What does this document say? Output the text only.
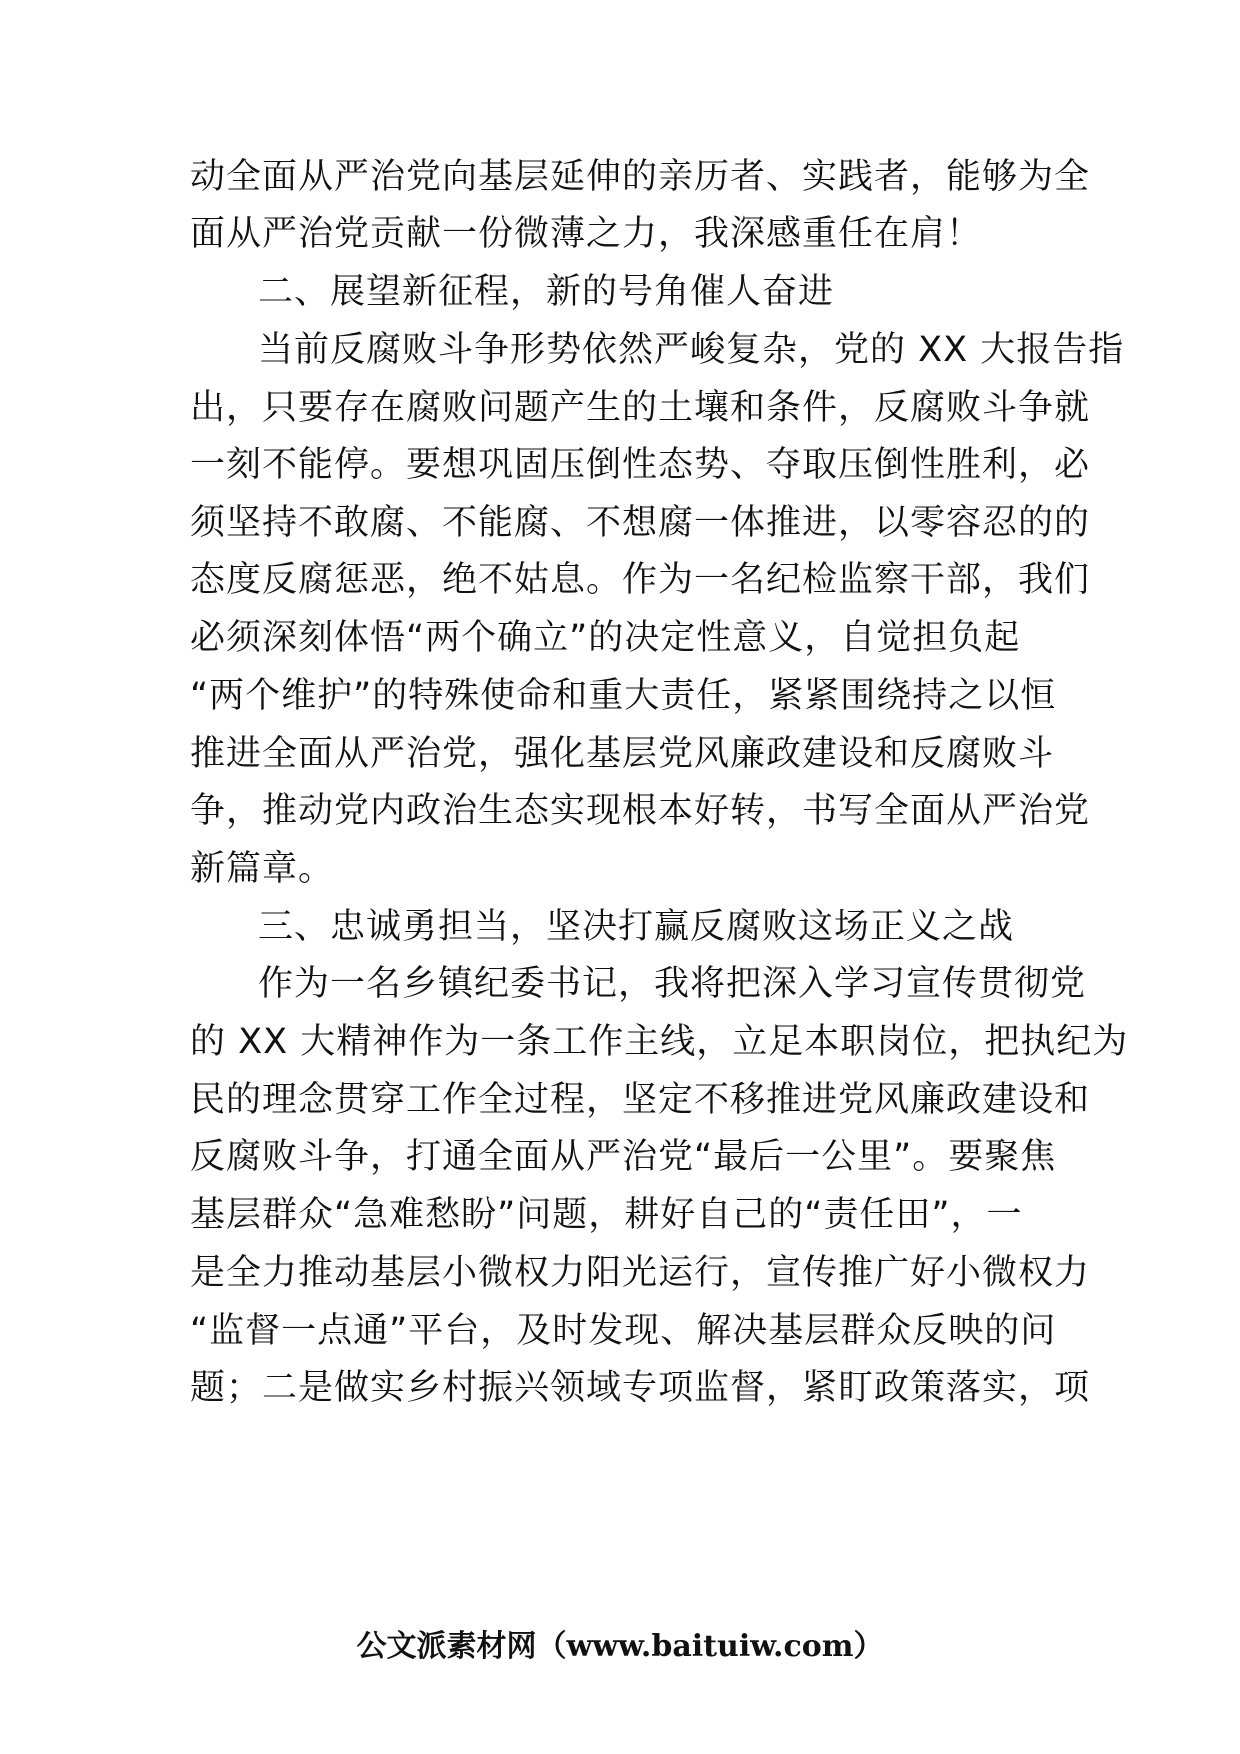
动全面从严治党向基层延伸的亲历者、实践者，能够为全
面从严治党贡献一份微薄之力，我深感重任在肩！
二、展望新征程，新的号角催人奋进
当前反腐败斗争形势依然严峻复杂，党的 XX 大报告指
出，只要存在腐败问题产生的土壤和条件，反腐败斗争就
一刻不能停。要想巩固压倒性态势、夺取压倒性胜利，必
须坚持不敢腐、不能腐、不想腐一体推进，以零容忍的的
态度反腐惩恶，绝不姑息。作为一名纪检监察干部，我们
必须深刻体悟“两个确立”的决定性意义，自觉担负起
“两个维护”的特殊使命和重大责任，紧紧围绕持之以恒
推进全面从严治党，强化基层党风廉政建设和反腐败斗
争，推动党内政治生态实现根本好转，书写全面从严治党
新篇章。
三、忠诚勇担当，坚决打赢反腐败这场正义之战
作为一名乡镇纪委书记，我将把深入学习宣传贯彻党
的 XX 大精神作为一条工作主线，立足本职岗位，把执纪为
民的理念贯穿工作全过程，坚定不移推进党风廉政建设和
反腐败斗争，打通全面从严治党“最后一公里”。要聚焦
基层群众“急难愁盼”问题，耕好自己的“责任田”，一
是全力推动基层小微权力阳光运行，宣传推广好小微权力
“监督一点通”平台，及时发现、解决基层群众反映的问
题；二是做实乡村振兴领域专项监督，紧盯政策落实，项
公文派素材网（www.baituiw.com）
